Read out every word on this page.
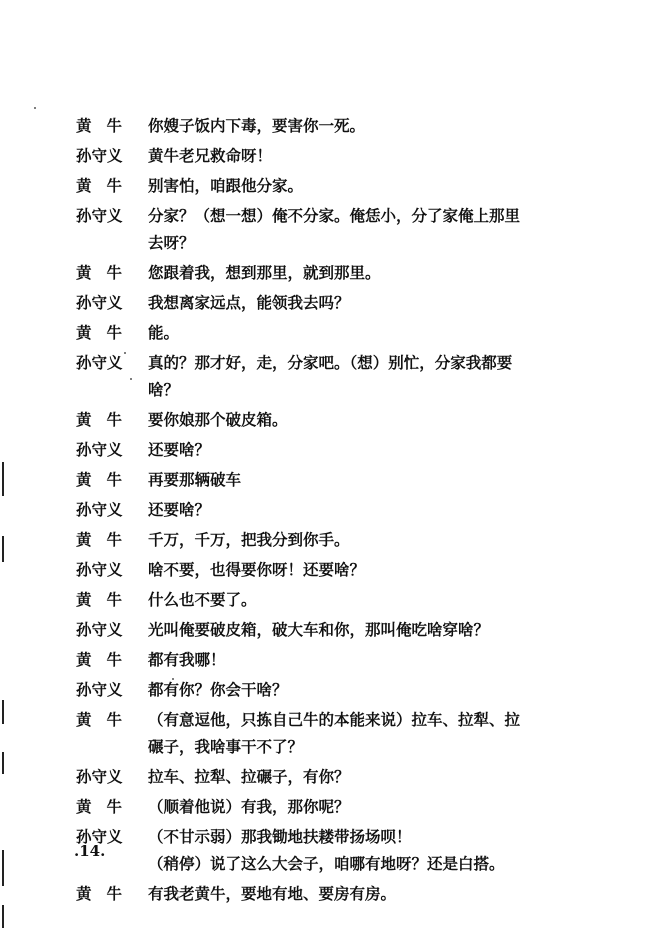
黄牛 你嫂子饭内下毒，要害你一死。
孙守义	黄牛老兄救命呀！
黄牛 别害怕，咱跟他分家。
孙守义	分家？（想一想）俺不分家。俺恁小，分了家俺上那里
去呀？
黄牛 您跟着我，想到那里，就到那里。
孙守义	我想离家远点，能领我去吗？
黄牛 能。
孙守义	真的？那才好，走，分家吧。（想）别忙，分家我都要
啥？
黄牛 要你娘那个破皮箱。
孙守义	还要啥？
黄牛 再要那辆破车
孙守义	还要啥？
黄牛 千万，千万，把我分到你手。
孙守义	啥不要，也得要你呀！还要啥？
黄牛 什么也不要了。
孙守义	光叫俺要破皮箱，破大车和你，那叫俺吃啥穿啥？
黄牛 都有我哪！
孙守义	都有你？你会干啥？
黄牛 （有意逗他，只拣自己牛的本能来说）拉车、拉犁、拉
碾子，我啥事干不了？
孙守义	拉车、拉犁、拉碾子，有你？
黄牛 （顺着他说）有我，那你呢？
孙守义	（不甘示弱）那我锄地扶耧带扬场呗！
（稍停）说了这么大会子，咱哪有地呀？还是白搭。
黄牛 有我老黄牛，要地有地、要房有房。
.14.
